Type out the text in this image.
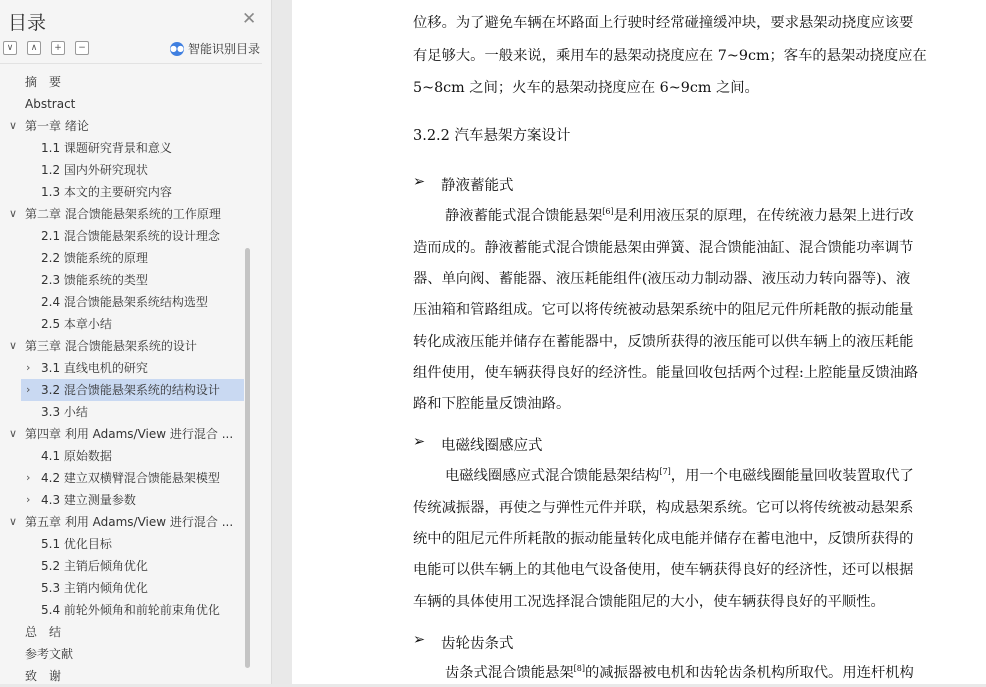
目录	✕
∨	∧	+	−	●● 智能识别目录
摘　要
Abstract
∨ 第一章 绪论
1.1 课题研究背景和意义
1.2 国内外研究现状
1.3 本文的主要研究内容
∨ 第二章 混合馈能悬架系统的工作原理
2.1 混合馈能悬架系统的设计理念
2.2 馈能系统的原理
2.3 馈能系统的类型
2.4 混合馈能悬架系统结构选型
2.5 本章小结
∨ 第三章 混合馈能悬架系统的设计
› 3.1 直线电机的研究
› 3.2 混合馈能悬架系统的结构设计
3.3 小结
∨ 第四章 利用 Adams/View 进行混合 ...
4.1 原始数据
› 4.2 建立双横臂混合馈能悬架模型
› 4.3 建立测量参数
∨ 第五章 利用 Adams/View 进行混合 ...
5.1 优化目标
5.2 主销后倾角优化
5.3 主销内倾角优化
5.4 前轮外倾角和前轮前束角优化
总　结
参考文献
致　谢
位移。为了避免车辆在坏路面上行驶时经常碰撞缓冲块，要求悬架动挠度应该要
有足够大。一般来说，乘用车的悬架动挠度应在 7~9cm；客车的悬架动挠度应在
5~8cm 之间；火车的悬架动挠度应在 6~9cm 之间。
3.2.2 汽车悬架方案设计
➢ 静液蓄能式
静液蓄能式混合馈能悬架[6]是利用液压泵的原理，在传统液力悬架上进行改
造而成的。静液蓄能式混合馈能悬架由弹簧、混合馈能油缸、混合馈能功率调节
器、单向阀、蓄能器、液压耗能组件(液压动力制动器、液压动力转向器等)、液
压油箱和管路组成。它可以将传统被动悬架系统中的阻尼元件所耗散的振动能量
转化成液压能并储存在蓄能器中，反馈所获得的液压能可以供车辆上的液压耗能
组件使用，使车辆获得良好的经济性。能量回收包括两个过程:上腔能量反馈油路
路和下腔能量反馈油路。
➢ 电磁线圈感应式
电磁线圈感应式混合馈能悬架结构[7]，用一个电磁线圈能量回收装置取代了
传统减振器，再使之与弹性元件并联，构成悬架系统。它可以将传统被动悬架系
统中的阻尼元件所耗散的振动能量转化成电能并储存在蓄电池中，反馈所获得的
电能可以供车辆上的其他电气设备使用，使车辆获得良好的经济性，还可以根据
车辆的具体使用工况选择混合馈能阻尼的大小，使车辆获得良好的平顺性。
➢ 齿轮齿条式
齿条式混合馈能悬架[8]的减振器被电机和齿轮齿条机构所取代。用连杆机构
